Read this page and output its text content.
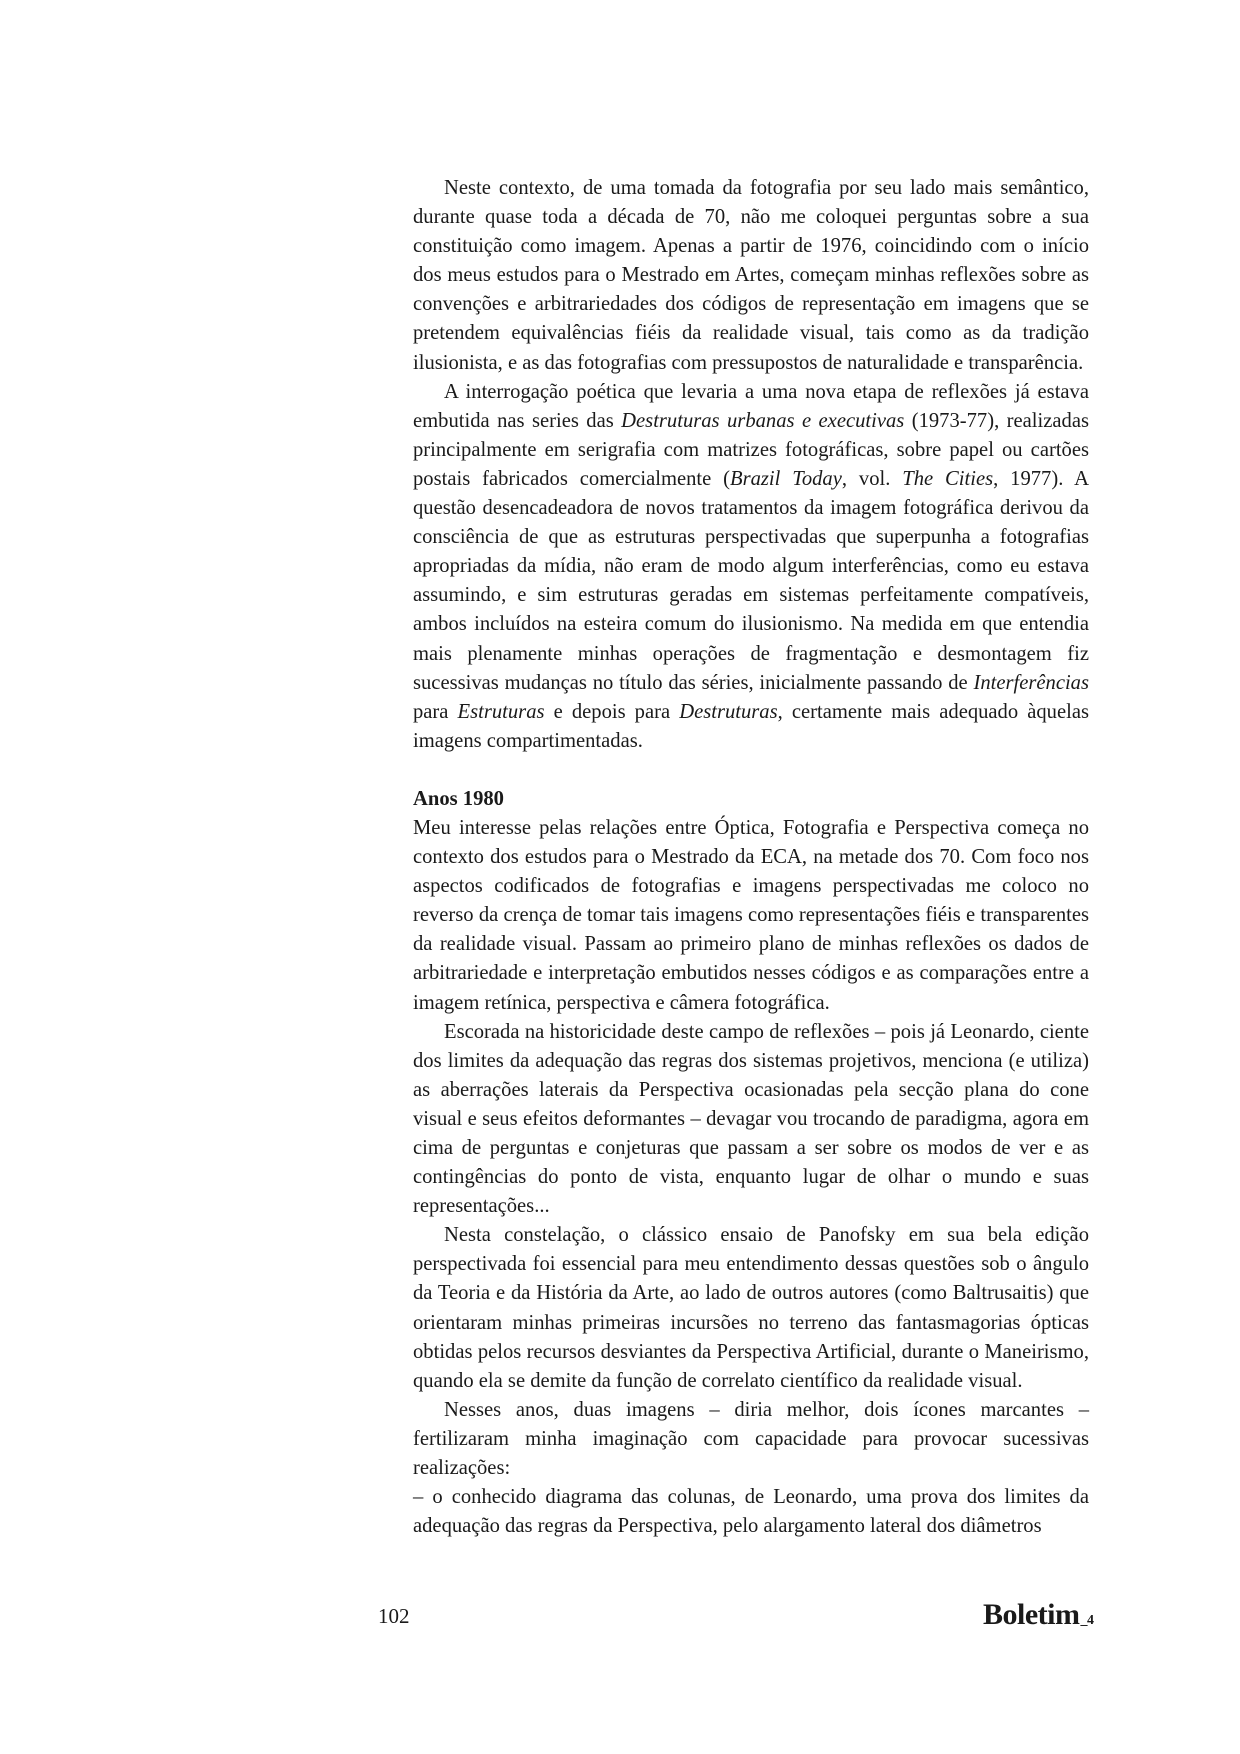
Neste contexto, de uma tomada da fotografia por seu lado mais semântico, durante quase toda a década de 70, não me coloquei perguntas sobre a sua constituição como imagem. Apenas a partir de 1976, coincidindo com o início dos meus estudos para o Mestrado em Artes, começam minhas reflexões sobre as convenções e arbitrariedades dos códigos de representação em imagens que se pretendem equivalências fiéis da realidade visual, tais como as da tradição ilusionista, e as das fotografias com pressupostos de naturalidade e transparência.

A interrogação poética que levaria a uma nova etapa de reflexões já estava embutida nas series das Destruturas urbanas e executivas (1973-77), realizadas principalmente em serigrafia com matrizes fotográficas, sobre papel ou cartões postais fabricados comercialmente (Brazil Today, vol. The Cities, 1977). A questão desencadeadora de novos tratamentos da imagem fotográfica derivou da consciência de que as estruturas perspectivadas que superpunha a fotografias apropriadas da mídia, não eram de modo algum interferências, como eu estava assumindo, e sim estruturas geradas em sistemas perfeitamente compatíveis, ambos incluídos na esteira comum do ilusionismo. Na medida em que entendia mais plenamente minhas operações de fragmentação e desmontagem fiz sucessivas mudanças no título das séries, inicialmente passando de Interferências para Estruturas e depois para Destruturas, certamente mais adequado àquelas imagens compartimentadas.

Anos 1980

Meu interesse pelas relações entre Óptica, Fotografia e Perspectiva começa no contexto dos estudos para o Mestrado da ECA, na metade dos 70. Com foco nos aspectos codificados de fotografias e imagens perspectivadas me coloco no reverso da crença de tomar tais imagens como representações fiéis e transparentes da realidade visual. Passam ao primeiro plano de minhas reflexões os dados de arbitrariedade e interpretação embutidos nesses códigos e as comparações entre a imagem retínica, perspectiva e câmera fotográfica.

Escorada na historicidade deste campo de reflexões – pois já Leonardo, ciente dos limites da adequação das regras dos sistemas projetivos, menciona (e utiliza) as aberrações laterais da Perspectiva ocasionadas pela secção plana do cone visual e seus efeitos deformantes – devagar vou trocando de paradigma, agora em cima de perguntas e conjeturas que passam a ser sobre os modos de ver e as contingências do ponto de vista, enquanto lugar de olhar o mundo e suas representações...

Nesta constelação, o clássico ensaio de Panofsky em sua bela edição perspectivada foi essencial para meu entendimento dessas questões sob o ângulo da Teoria e da História da Arte, ao lado de outros autores (como Baltrusaitis) que orientaram minhas primeiras incursões no terreno das fantasmagorias ópticas obtidas pelos recursos desviantes da Perspectiva Artificial, durante o Maneirismo, quando ela se demite da função de correlato científico da realidade visual.

Nesses anos, duas imagens – diria melhor, dois ícones marcantes – fertilizaram minha imaginação com capacidade para provocar sucessivas realizações:

– o conhecido diagrama das colunas, de Leonardo, uma prova dos limites da adequação das regras da Perspectiva, pelo alargamento lateral dos diâmetros

102	Boletim_4
